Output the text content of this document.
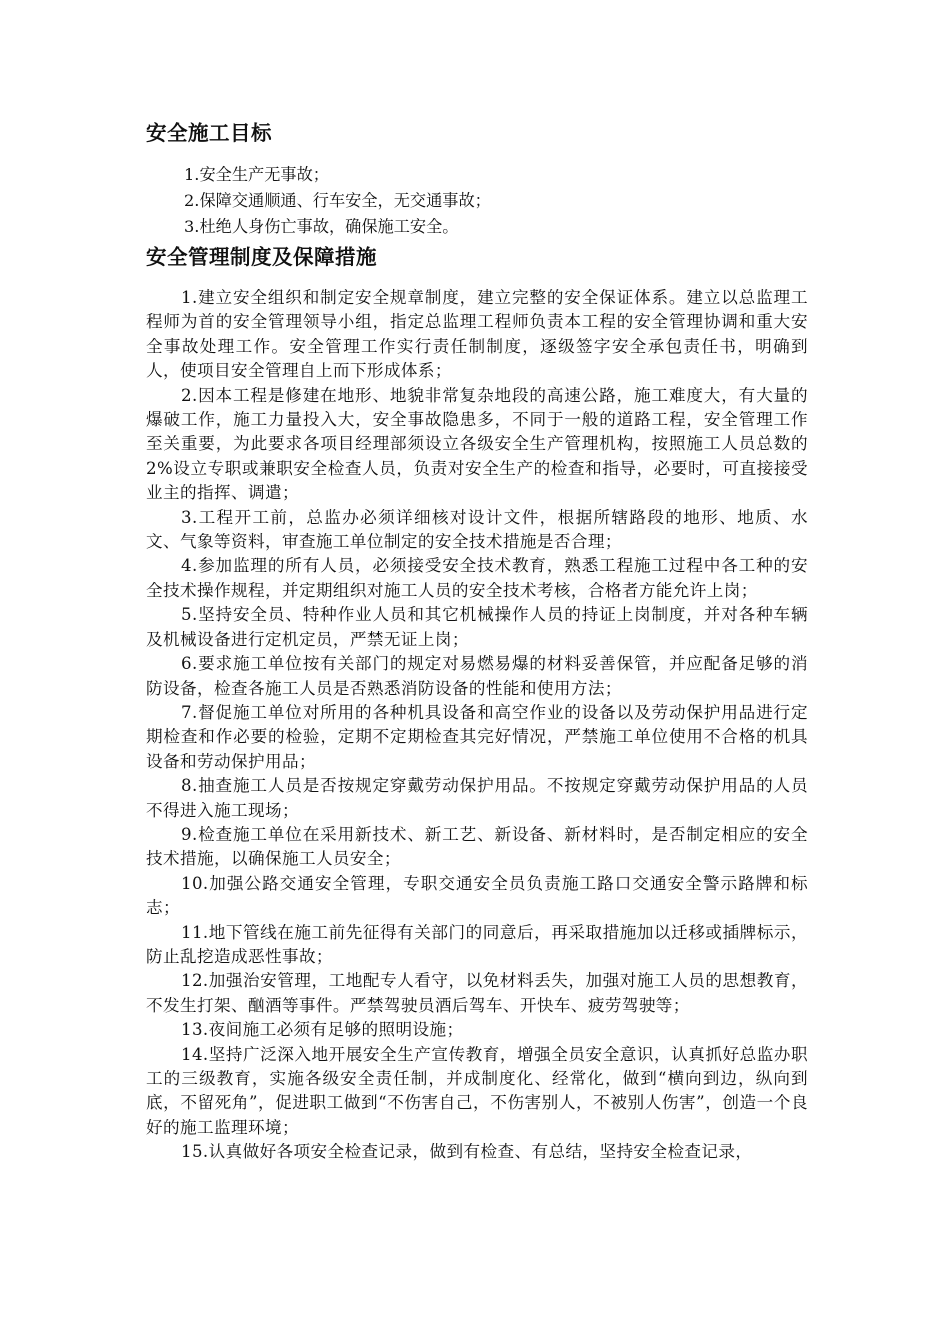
安全施工目标

1.安全生产无事故；

2.保障交通顺通、行车安全，无交通事故；

3.杜绝人身伤亡事故，确保施工安全。

安全管理制度及保障措施

1.建立安全组织和制定安全规章制度，建立完整的安全保证体系。建立以总监理工程师为首的安全管理领导小组，指定总监理工程师负责本工程的安全管理协调和重大安全事故处理工作。安全管理工作实行责任制制度，逐级签字安全承包责任书，明确到人，使项目安全管理自上而下形成体系；

2.因本工程是修建在地形、地貌非常复杂地段的高速公路，施工难度大，有大量的爆破工作，施工力量投入大，安全事故隐患多，不同于一般的道路工程，安全管理工作至关重要，为此要求各项目经理部须设立各级安全生产管理机构，按照施工人员总数的2%设立专职或兼职安全检查人员，负责对安全生产的检查和指导，必要时，可直接接受业主的指挥、调遣；

3.工程开工前，总监办必须详细核对设计文件，根据所辖路段的地形、地质、水文、气象等资料，审查施工单位制定的安全技术措施是否合理；

4.参加监理的所有人员，必须接受安全技术教育，熟悉工程施工过程中各工种的安全技术操作规程，并定期组织对施工人员的安全技术考核，合格者方能允许上岗；

5.坚持安全员、特种作业人员和其它机械操作人员的持证上岗制度，并对各种车辆及机械设备进行定机定员，严禁无证上岗；

6.要求施工单位按有关部门的规定对易燃易爆的材料妥善保管，并应配备足够的消防设备，检查各施工人员是否熟悉消防设备的性能和使用方法；

7.督促施工单位对所用的各种机具设备和高空作业的设备以及劳动保护用品进行定期检查和作必要的检验，定期不定期检查其完好情况，严禁施工单位使用不合格的机具设备和劳动保护用品；

8.抽查施工人员是否按规定穿戴劳动保护用品。不按规定穿戴劳动保护用品的人员不得进入施工现场；

9.检查施工单位在采用新技术、新工艺、新设备、新材料时，是否制定相应的安全技术措施，以确保施工人员安全；

10.加强公路交通安全管理，专职交通安全员负责施工路口交通安全警示路牌和标志；

11.地下管线在施工前先征得有关部门的同意后，再采取措施加以迁移或插牌标示，防止乱挖造成恶性事故；

12.加强治安管理，工地配专人看守，以免材料丢失，加强对施工人员的思想教育，不发生打架、酗酒等事件。严禁驾驶员酒后驾车、开快车、疲劳驾驶等；

13.夜间施工必须有足够的照明设施；

14.坚持广泛深入地开展安全生产宣传教育，增强全员安全意识，认真抓好总监办职工的三级教育，实施各级安全责任制，并成制度化、经常化，做到“横向到边，纵向到底，不留死角”，促进职工做到“不伤害自己，不伤害别人，不被别人伤害”，创造一个良好的施工监理环境；

15.认真做好各项安全检查记录，做到有检查、有总结，坚持安全检查记录，
